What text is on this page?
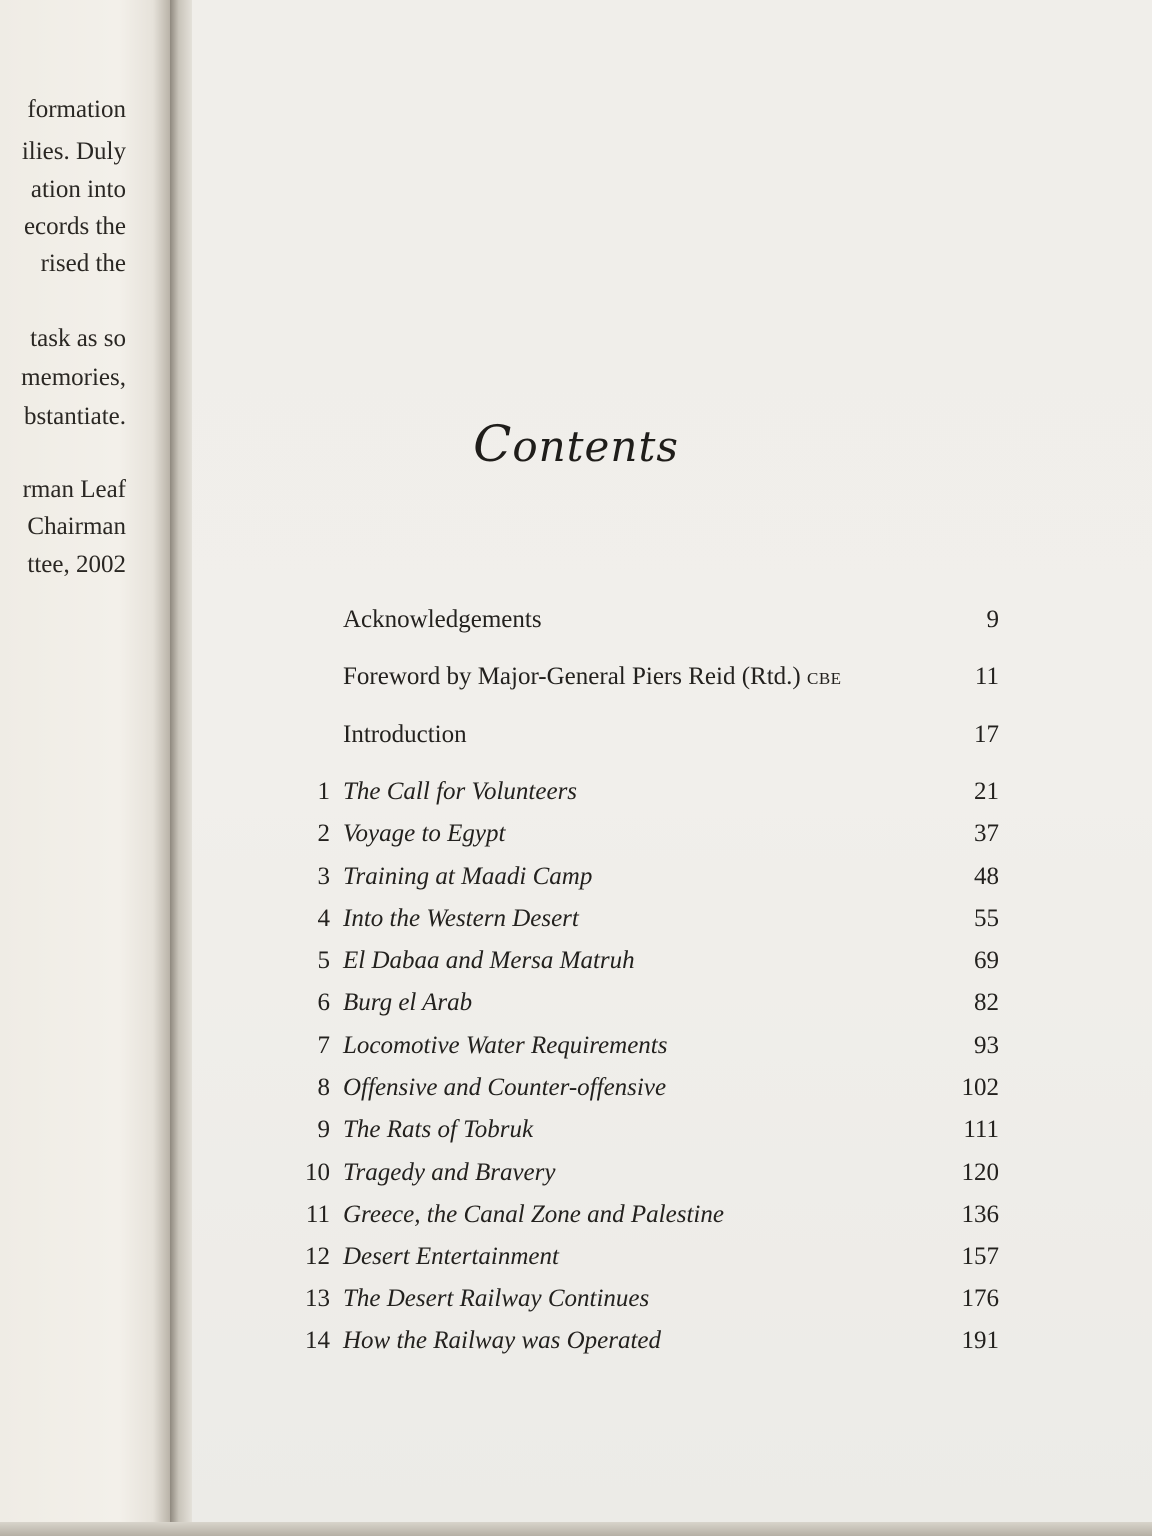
formation
ilies. Duly
ation into
ecords the
rised the
task as so
memories,
bstantiate.
rman Leaf
Chairman
ttee, 2002
Contents
Acknowledgements	9
Foreword by Major-General Piers Reid (Rtd.) CBE	11
Introduction	17
1 The Call for Volunteers	21
2 Voyage to Egypt	37
3 Training at Maadi Camp	48
4 Into the Western Desert	55
5 El Dabaa and Mersa Matruh	69
6 Burg el Arab	82
7 Locomotive Water Requirements	93
8 Offensive and Counter-offensive	102
9 The Rats of Tobruk	111
10 Tragedy and Bravery	120
11 Greece, the Canal Zone and Palestine	136
12 Desert Entertainment	157
13 The Desert Railway Continues	176
14 How the Railway was Operated	191
